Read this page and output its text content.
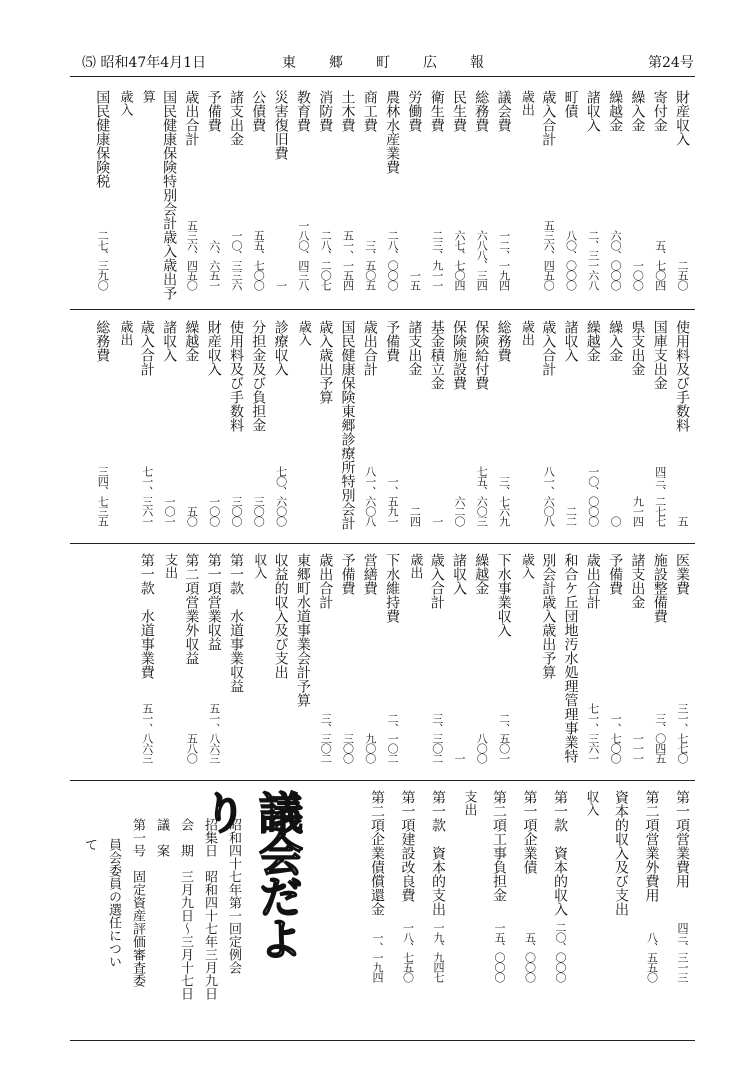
⑸ 昭和47年4月1日	東郷町広報	第24号
財産収入
二五〇
寄付金
五、七〇四
繰入金
一〇〇
繰越金
六〇、〇〇〇
諸収入
二、三一六八
町債
八〇、〇〇〇
歳入合計
五三六、四五〇
歳出
議会費
一二、一九四
総務費
六八八、三四
民生費
六七、七〇四
衛生費
二三、九一一
労働費
一五
農林水産業費
二八、〇〇〇
商工費
三、五〇五
土木費
五一、一五四
消防費
二八、二〇七
教育費
一八〇、四三八
災害復旧費
一
公債費
五五、七〇〇
諸支出金
一〇、三三六
予備費
六、六五一
歳出合計
五三六、四五〇
国民健康保険特別会計歳入歳出予
算
歳入
国民健康保険税
二七、三九〇
使用料及び手数料
五
国庫支出金
四三、二七七
県支出金
九一四
繰入金
〇
繰越金
一〇、〇〇〇
諸収入
二二
歳入合計
八一、六〇八
歳出
総務費
三、七六九
保険給付費
七五、六〇三
保険施設費
六二〇
基金積立金
一
諸支出金
二四
予備費
一、五九一
歳出合計
八一、六〇八
国民健康保険東郷診療所特別会計
歳入歳出予算
歳入
診療収入
七〇、六〇〇
分担金及び負担金
三〇〇
使用料及び手数料
三〇〇
財産収入
一〇〇
繰越金
五〇
諸収入
一〇一
歳入合計
七一、三六一
歳出
総務費
三四、七三五
医業費
三一、七七〇
施設整備費
三、〇四五
諸支出金
一一一
予備費
一、七〇〇
歳出合計
七一、三六一
和合ケ丘団地汚水処理管理事業特
別会計歳入歳出予算
歳入
下水事業収入
二、五〇一
繰越金
八〇〇
諸収入
一
歳入合計
三、三〇二
歳出
下水維持費
二、一〇二
営繕費
九〇〇
予備費
三〇〇
歳出合計
三、三〇二
東郷町水道事業会計予算
収益的収入及び支出
収入
第一款　水道事業収益
第一項営業収益
五一、八六三
第二項営業外収益
五八〇
支出
第一款　水道事業費
五一、八六三
第一項営業費用
四三、三一三
第二項営業外費用
八、五五〇
資本的収入及び支出
収入
第一款　資本的収入
二〇、〇〇〇
第一項企業債
五、〇〇〇
第二項工事負担金
一五、〇〇〇
支出
第一款　資本的支出
一九、九四七
第一項建設改良費
一八、七五〇
第二項企業債償還金
一、一九四
議会だより
昭和四十七年第一回定例会
招集日　昭和四十七年三月九日
会　期　三月九日～三月十七日
議　案
第一号　固定資産評価審査委
員会委員の選任につい
て
